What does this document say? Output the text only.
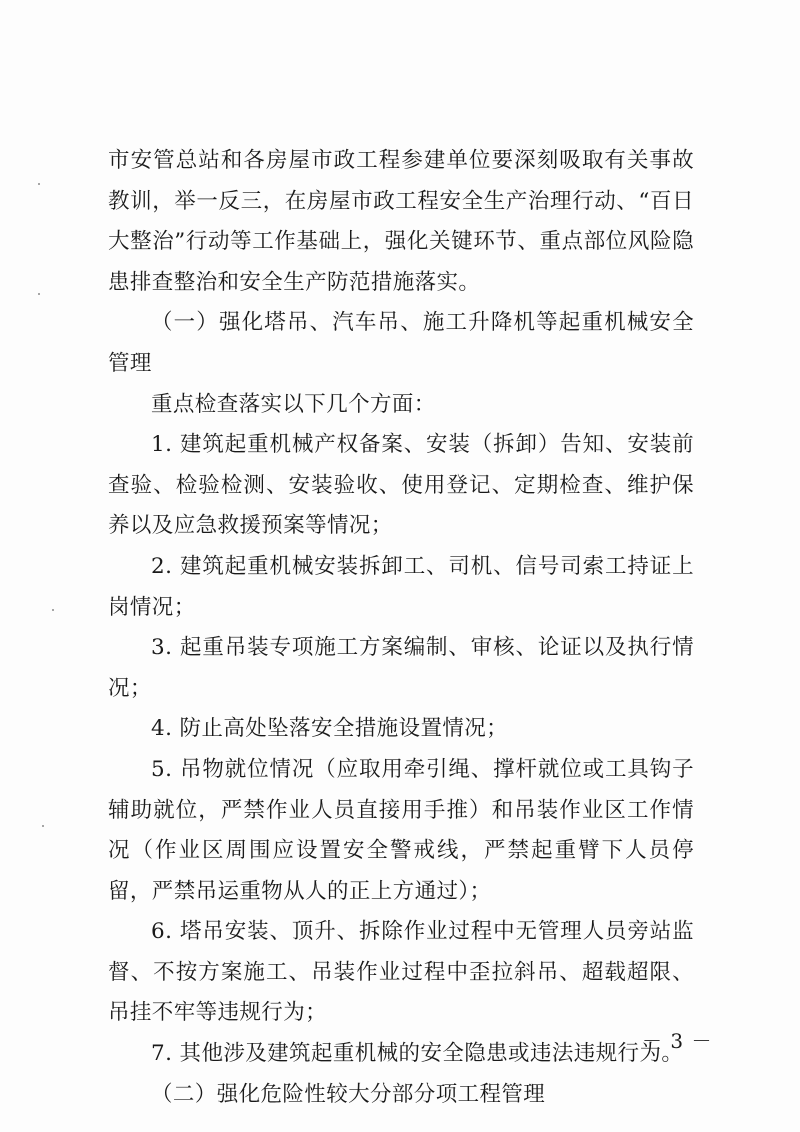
市安管总站和各房屋市政工程参建单位要深刻吸取有关事故教训，举一反三，在房屋市政工程安全生产治理行动、“百日大整治”行动等工作基础上，强化关键环节、重点部位风险隐患排查整治和安全生产防范措施落实。

（一）强化塔吊、汽车吊、施工升降机等起重机械安全管理

重点检查落实以下几个方面：

1. 建筑起重机械产权备案、安装（拆卸）告知、安装前查验、检验检测、安装验收、使用登记、定期检查、维护保养以及应急救援预案等情况；

2. 建筑起重机械安装拆卸工、司机、信号司索工持证上岗情况；

3. 起重吊装专项施工方案编制、审核、论证以及执行情况；

4. 防止高处坠落安全措施设置情况；

5. 吊物就位情况（应取用牵引绳、撑杆就位或工具钩子辅助就位，严禁作业人员直接用手推）和吊装作业区工作情况（作业区周围应设置安全警戒线，严禁起重臂下人员停留，严禁吊运重物从人的正上方通过）；

6. 塔吊安装、顶升、拆除作业过程中无管理人员旁站监督、不按方案施工、吊装作业过程中歪拉斜吊、超载超限、吊挂不牢等违规行为；

7. 其他涉及建筑起重机械的安全隐患或违法违规行为。

（二）强化危险性较大分部分项工程管理

－ 3 －
